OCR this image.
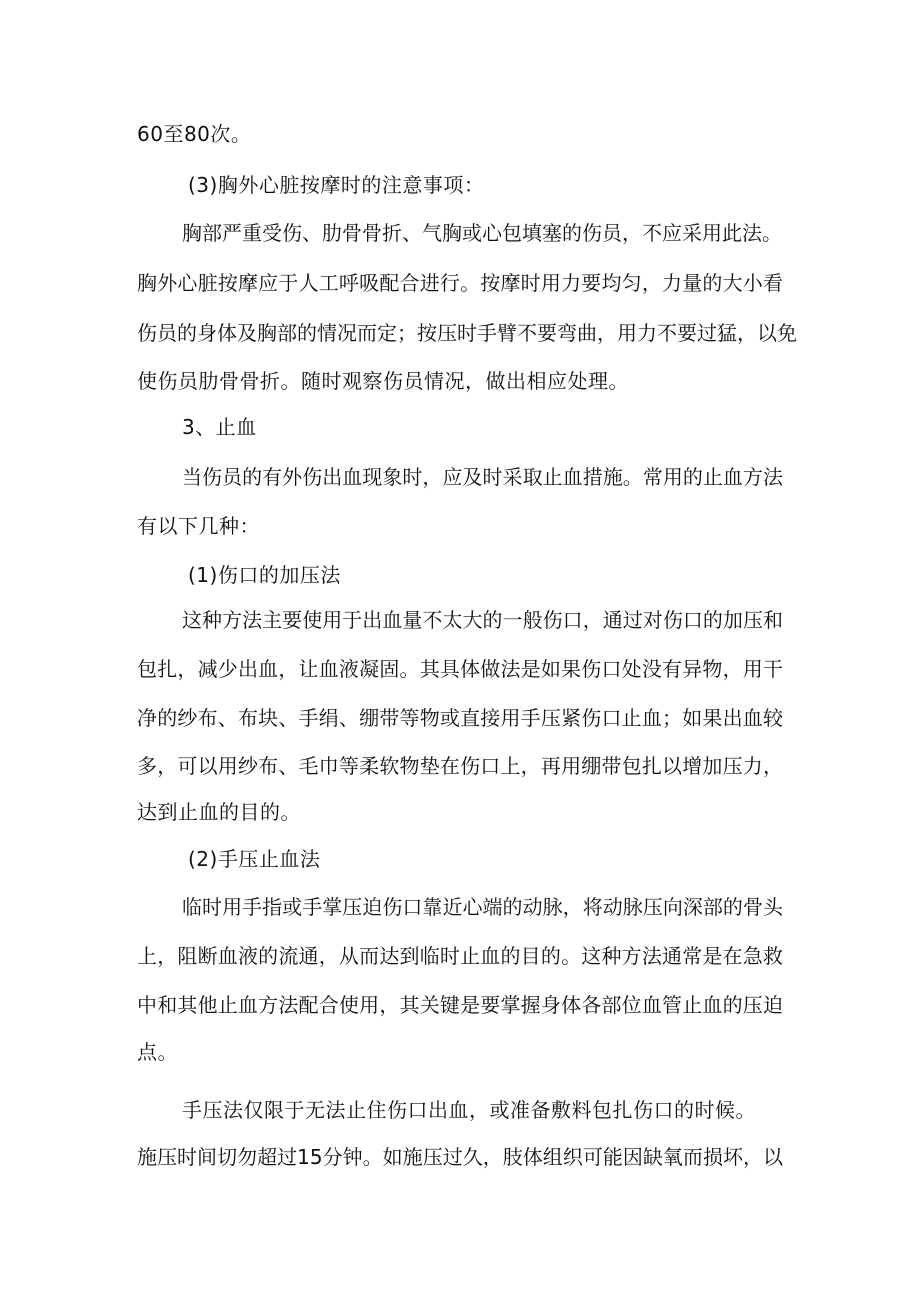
60至80次。
(3)胸外心脏按摩时的注意事项：
胸部严重受伤、肋骨骨折、气胸或心包填塞的伤员，不应采用此法。
胸外心脏按摩应于人工呼吸配合进行。按摩时用力要均匀，力量的大小看
伤员的身体及胸部的情况而定；按压时手臂不要弯曲，用力不要过猛，以免
使伤员肋骨骨折。随时观察伤员情况，做出相应处理。
3、止血
当伤员的有外伤出血现象时，应及时采取止血措施。常用的止血方法
有以下几种：
(1)伤口的加压法
这种方法主要使用于出血量不太大的一般伤口，通过对伤口的加压和
包扎，减少出血，让血液凝固。其具体做法是如果伤口处没有异物，用干
净的纱布、布块、手绢、绷带等物或直接用手压紧伤口止血；如果出血较
多，可以用纱布、毛巾等柔软物垫在伤口上，再用绷带包扎以增加压力，
达到止血的目的。
(2)手压止血法
临时用手指或手掌压迫伤口靠近心端的动脉，将动脉压向深部的骨头
上，阻断血液的流通，从而达到临时止血的目的。这种方法通常是在急救
中和其他止血方法配合使用，其关键是要掌握身体各部位血管止血的压迫
点。
手压法仅限于无法止住伤口出血，或准备敷料包扎伤口的时候。
施压时间切勿超过15分钟。如施压过久，肢体组织可能因缺氧而损坏，以
